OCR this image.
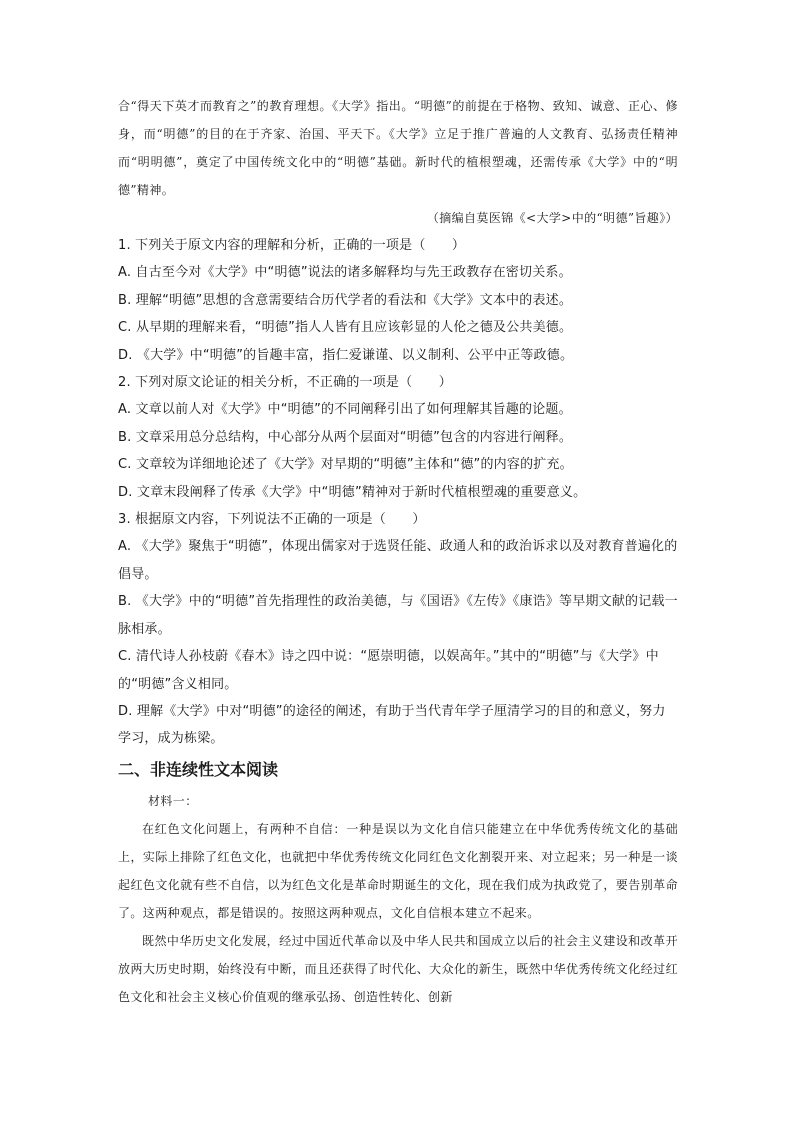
合“得天下英才而教育之”的教育理想。《大学》指出。“明德”的前提在于格物、致知、诚意、正心、修身，而“明德”的目的在于齐家、治国、平天下。《大学》立足于推广普遍的人文教育、弘扬责任精神而“明明德”，奠定了中国传统文化中的“明德”基础。新时代的植根塑魂，还需传承《大学》中的“明德”精神。

（摘编自莫医锦《<大学>中的“明德”旨趣》）

1. 下列关于原文内容的理解和分析，正确的一项是（　　）

A. 自古至今对《大学》中“明德”说法的诸多解释均与先王政教存在密切关系。

B. 理解“明德”思想的含意需要结合历代学者的看法和《大学》文本中的表述。

C. 从早期的理解来看，“明德”指人人皆有且应该彰显的人伦之德及公共美德。

D. 《大学》中“明德”的旨趣丰富，指仁爱谦谨、以义制利、公平中正等政德。

2. 下列对原文论证的相关分析，不正确的一项是（　　）

A. 文章以前人对《大学》中“明德”的不同阐释引出了如何理解其旨趣的论题。

B. 文章采用总分总结构，中心部分从两个层面对“明德”包含的内容进行阐释。

C. 文章较为详细地论述了《大学》对早期的“明德”主体和“德”的内容的扩充。

D. 文章末段阐释了传承《大学》中“明德”精神对于新时代植根塑魂的重要意义。

3. 根据原文内容，下列说法不正确的一项是（　　）

A. 《大学》聚焦于“明德”，体现出儒家对于选贤任能、政通人和的政治诉求以及对教育普遍化的倡导。

B. 《大学》中的“明德”首先指理性的政治美德，与《国语》《左传》《康诰》等早期文献的记载一脉相承。

C. 清代诗人孙枝蔚《春木》诗之四中说：“愿崇明德，以娱高年。”其中的“明德”与《大学》中的“明德”含义相同。

D. 理解《大学》中对“明德”的途径的阐述，有助于当代青年学子厘清学习的目的和意义，努力学习，成为栋梁。

二、非连续性文本阅读

材料一：

在红色文化问题上，有两种不自信：一种是误以为文化自信只能建立在中华优秀传统文化的基础上，实际上排除了红色文化，也就把中华优秀传统文化同红色文化割裂开来、对立起来；另一种是一谈起红色文化就有些不自信，以为红色文化是革命时期诞生的文化，现在我们成为执政党了，要告别革命了。这两种观点，都是错误的。按照这两种观点，文化自信根本建立不起来。

既然中华历史文化发展，经过中国近代革命以及中华人民共和国成立以后的社会主义建设和改革开放两大历史时期，始终没有中断，而且还获得了时代化、大众化的新生，既然中华优秀传统文化经过红色文化和社会主义核心价值观的继承弘扬、创造性转化、创新
